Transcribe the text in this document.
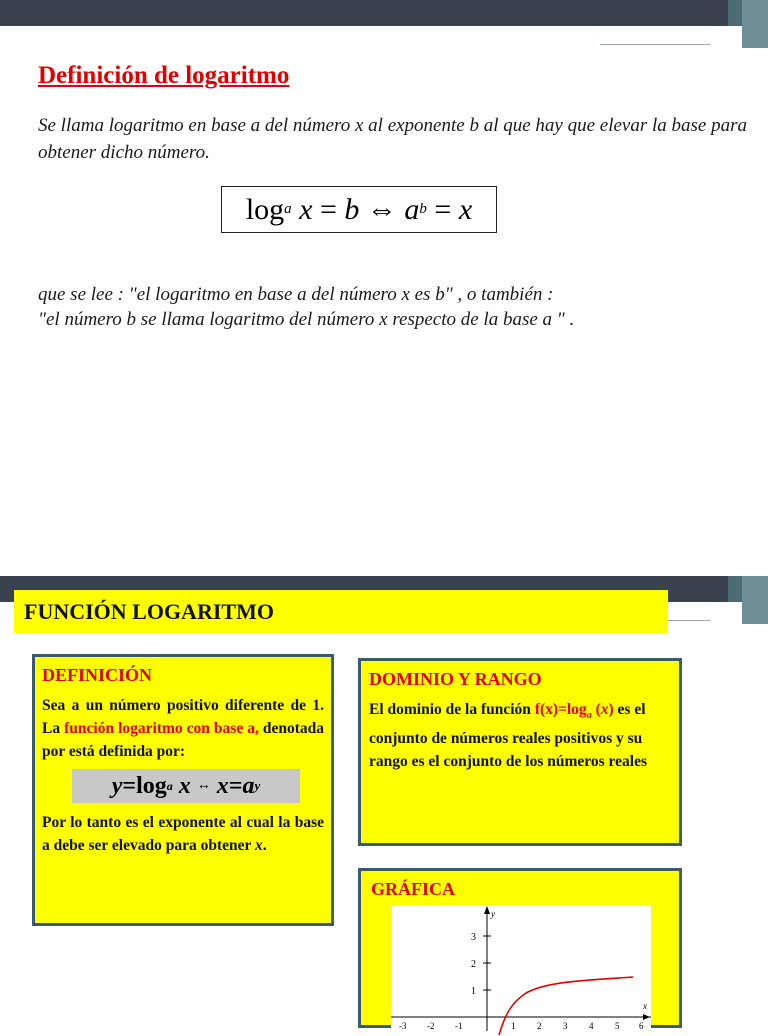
Definición de logaritmo

Se llama logaritmo en base a del número x al exponente b al que hay que elevar la base para obtener dicho número.

log a
x
=
b
⇔
a b
=
x

que se lee : "el logaritmo en base a del número x es b" , o también :
"el número b se llama logaritmo del número x respecto de la base a " .

FUNCIÓN LOGARITMO
DEFINICIÓN

Sea a un número positivo diferente de 1. La función logaritmo con base a, denotada por está definida por:

y = log a
x
↔
x = a y

Por lo tanto es el exponente al cual la base a debe ser elevado para obtener x.

DOMINIO Y RANGO

El dominio de la función $f(x)=\log_a$ (x) es el conjunto de números reales positivos y su rango es el conjunto de los números reales

GRÁFICA
y
x
3
2
1
-3 -2 -1	1 2 3 4 5 6
